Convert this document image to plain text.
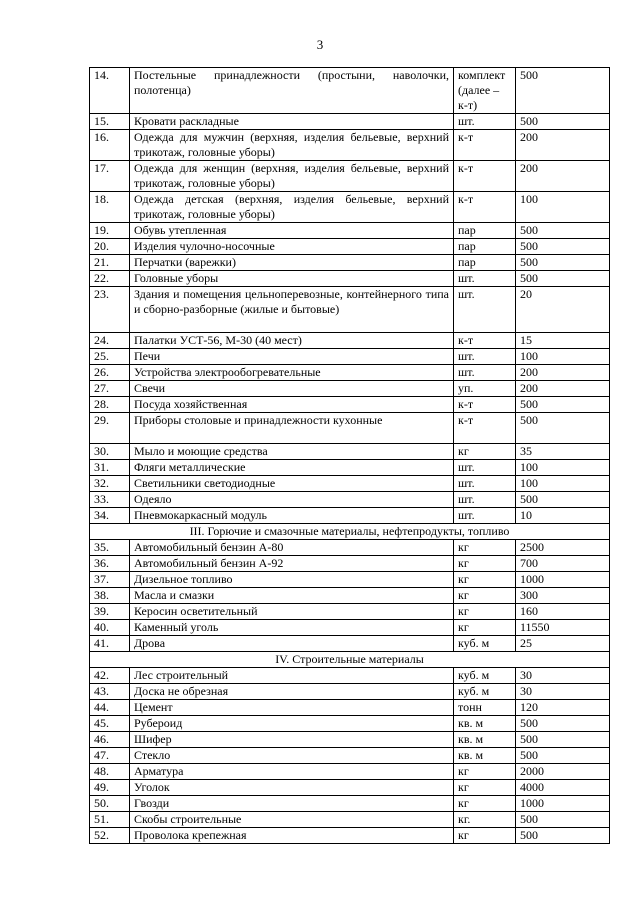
3
14.	Постельные принадлежности (простыни, наволочки, полотенца)	комплект (далее – к-т)	500
15.	Кровати раскладные	шт.	500
16.	Одежда для мужчин (верхняя, изделия бельевые, верхний трикотаж, головные уборы)	к-т	200
17.	Одежда для женщин (верхняя, изделия бельевые, верхний трикотаж, головные уборы)	к-т	200
18.	Одежда детская (верхняя, изделия бельевые, верхний трикотаж, головные уборы)	к-т	100
19.	Обувь утепленная	пар	500
20.	Изделия чулочно-носочные	пар	500
21.	Перчатки (варежки)	пар	500
22.	Головные уборы	шт.	500
23.	Здания и помещения цельноперевозные, контейнерного типа и сборно-разборные (жилые и бытовые)	шт.	20
24.	Палатки УСТ-56, М-30 (40 мест)	к-т	15
25.	Печи	шт.	100
26.	Устройства электрообогревательные	шт.	200
27.	Свечи	уп.	200
28.	Посуда хозяйственная	к-т	500
29.	Приборы столовые и принадлежности кухонные	к-т	500
30.	Мыло и моющие средства	кг	35
31.	Фляги металлические	шт.	100
32.	Светильники светодиодные	шт.	100
33.	Одеяло	шт.	500
34.	Пневмокаркасный модуль	шт.	10
III. Горючие и смазочные материалы, нефтепродукты, топливо			
35.	Автомобильный бензин А-80	кг	2500
36.	Автомобильный бензин А-92	кг	700
37.	Дизельное топливо	кг	1000
38.	Масла и смазки	кг	300
39.	Керосин осветительный	кг	160
40.	Каменный уголь	кг	11550
41.	Дрова	куб. м	25
IV. Строительные материалы			
42.	Лес строительный	куб. м	30
43.	Доска не обрезная	куб. м	30
44.	Цемент	тонн	120
45.	Рубероид	кв. м	500
46.	Шифер	кв. м	500
47.	Стекло	кв. м	500
48.	Арматура	кг	2000
49.	Уголок	кг	4000
50.	Гвозди	кг	1000
51.	Скобы строительные	кг.	500
52.	Проволока крепежная	кг	500
